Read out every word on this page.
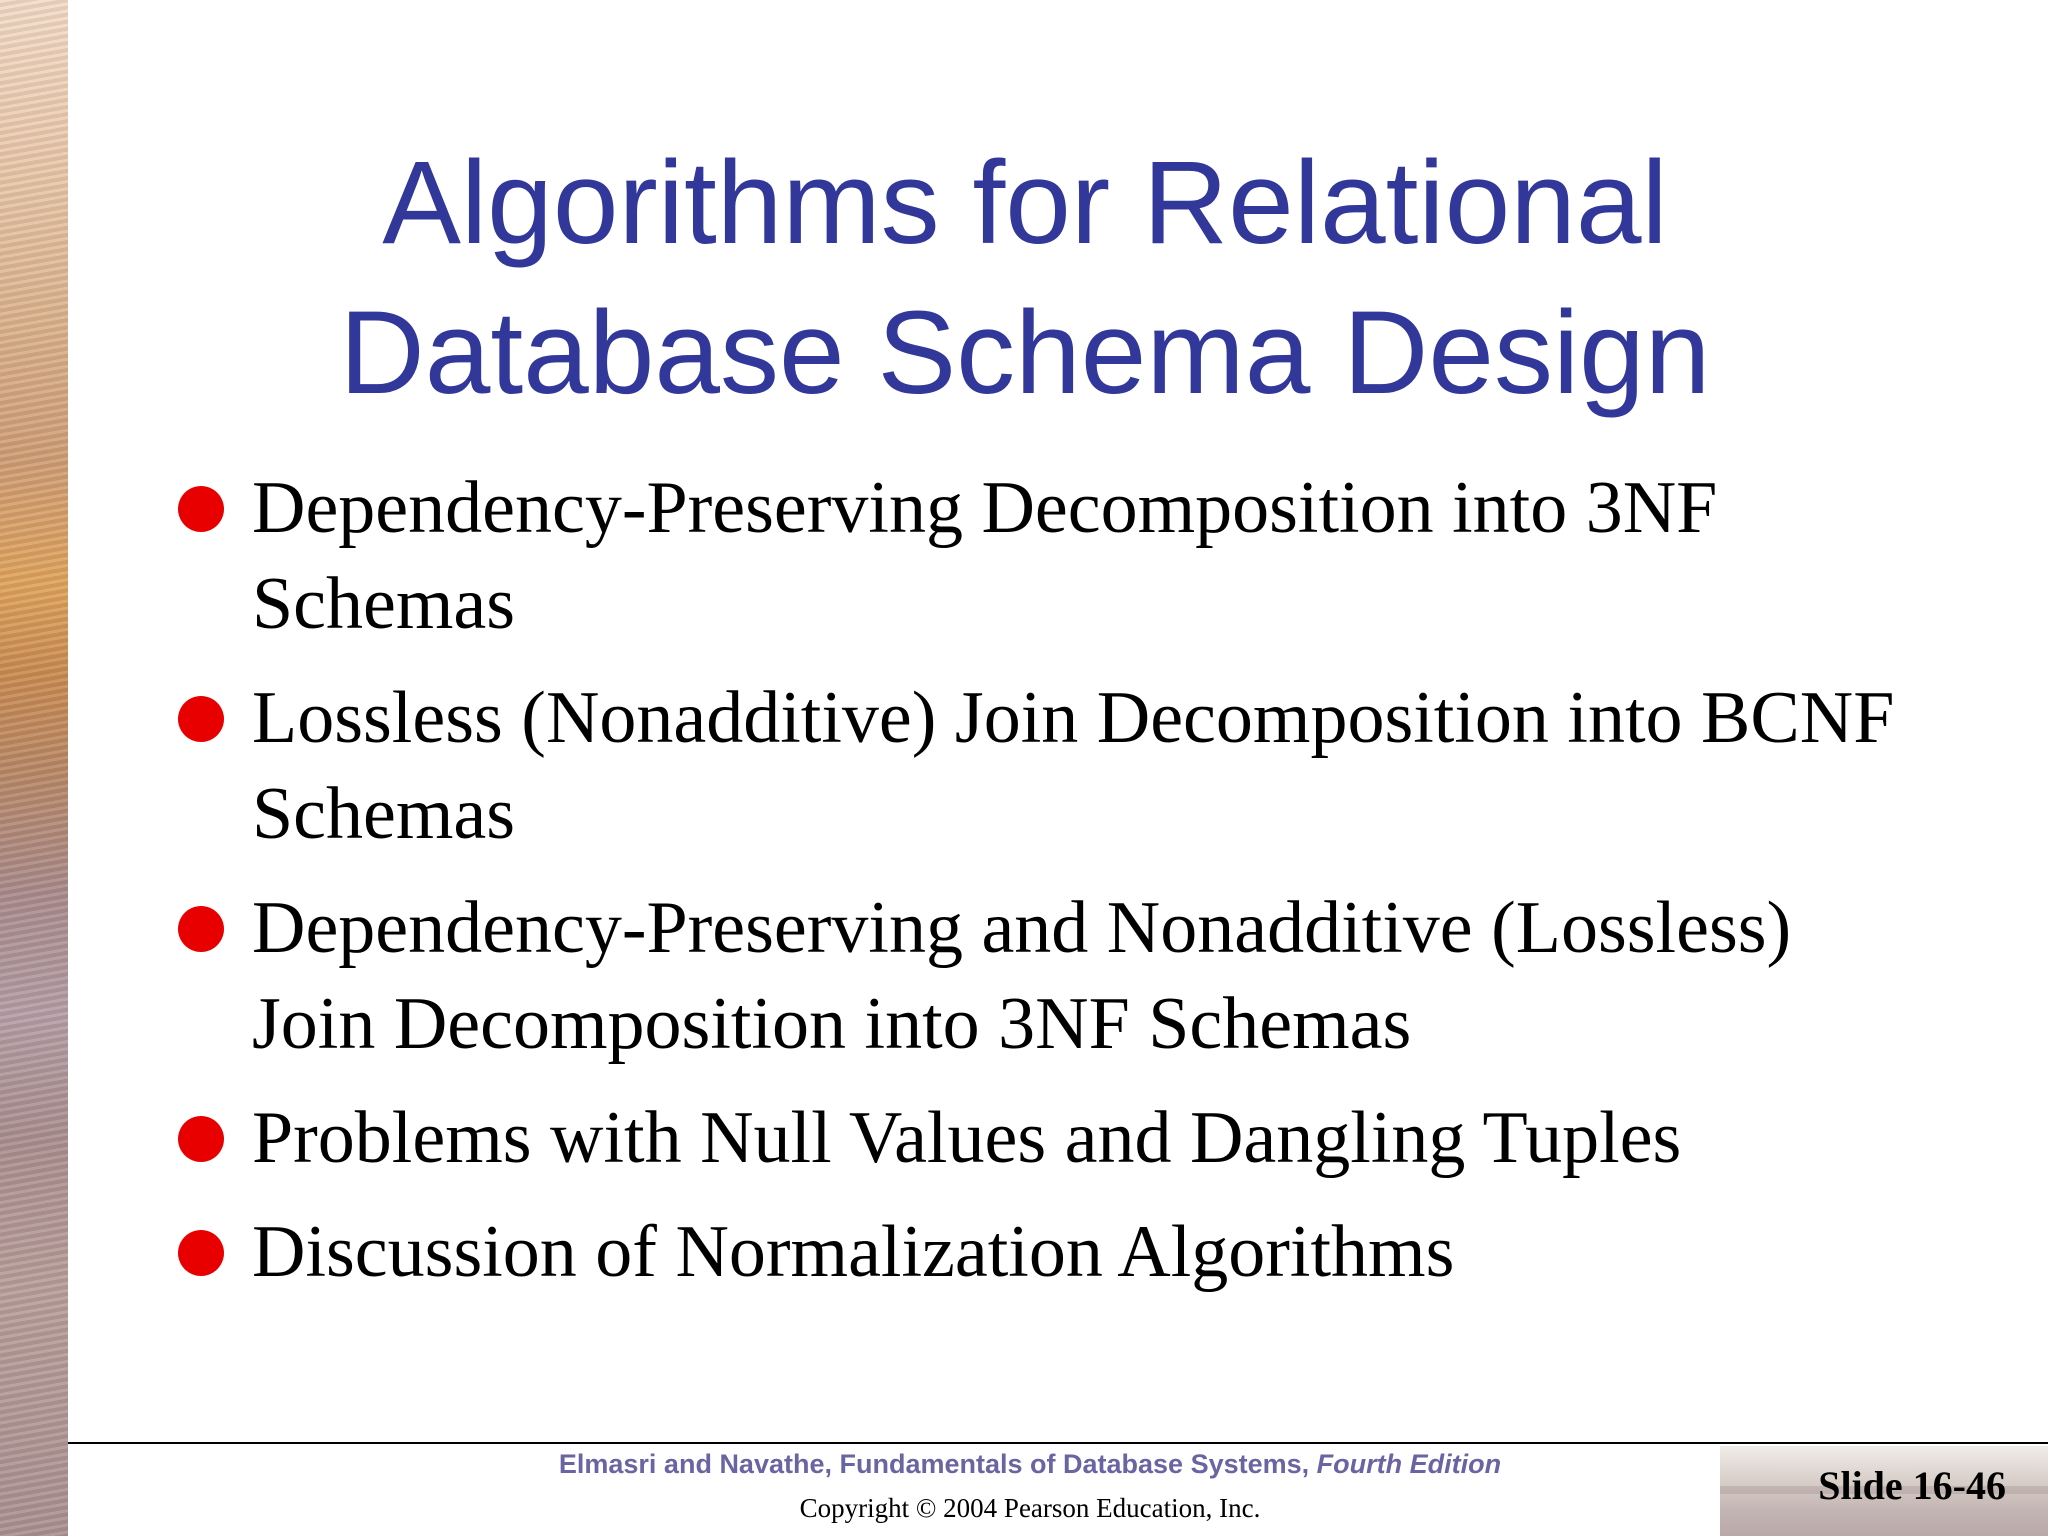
Algorithms for Relational
Database Schema Design
Dependency-Preserving Decomposition into 3NF Schemas
Lossless (Nonadditive) Join Decomposition into BCNF Schemas
Dependency-Preserving and Nonadditive (Lossless) Join Decomposition into 3NF Schemas
Problems with Null Values and Dangling Tuples
Discussion of Normalization Algorithms
Elmasri and Navathe, Fundamentals of Database Systems, Fourth Edition
Copyright © 2004 Pearson Education, Inc.	Slide 16-46
